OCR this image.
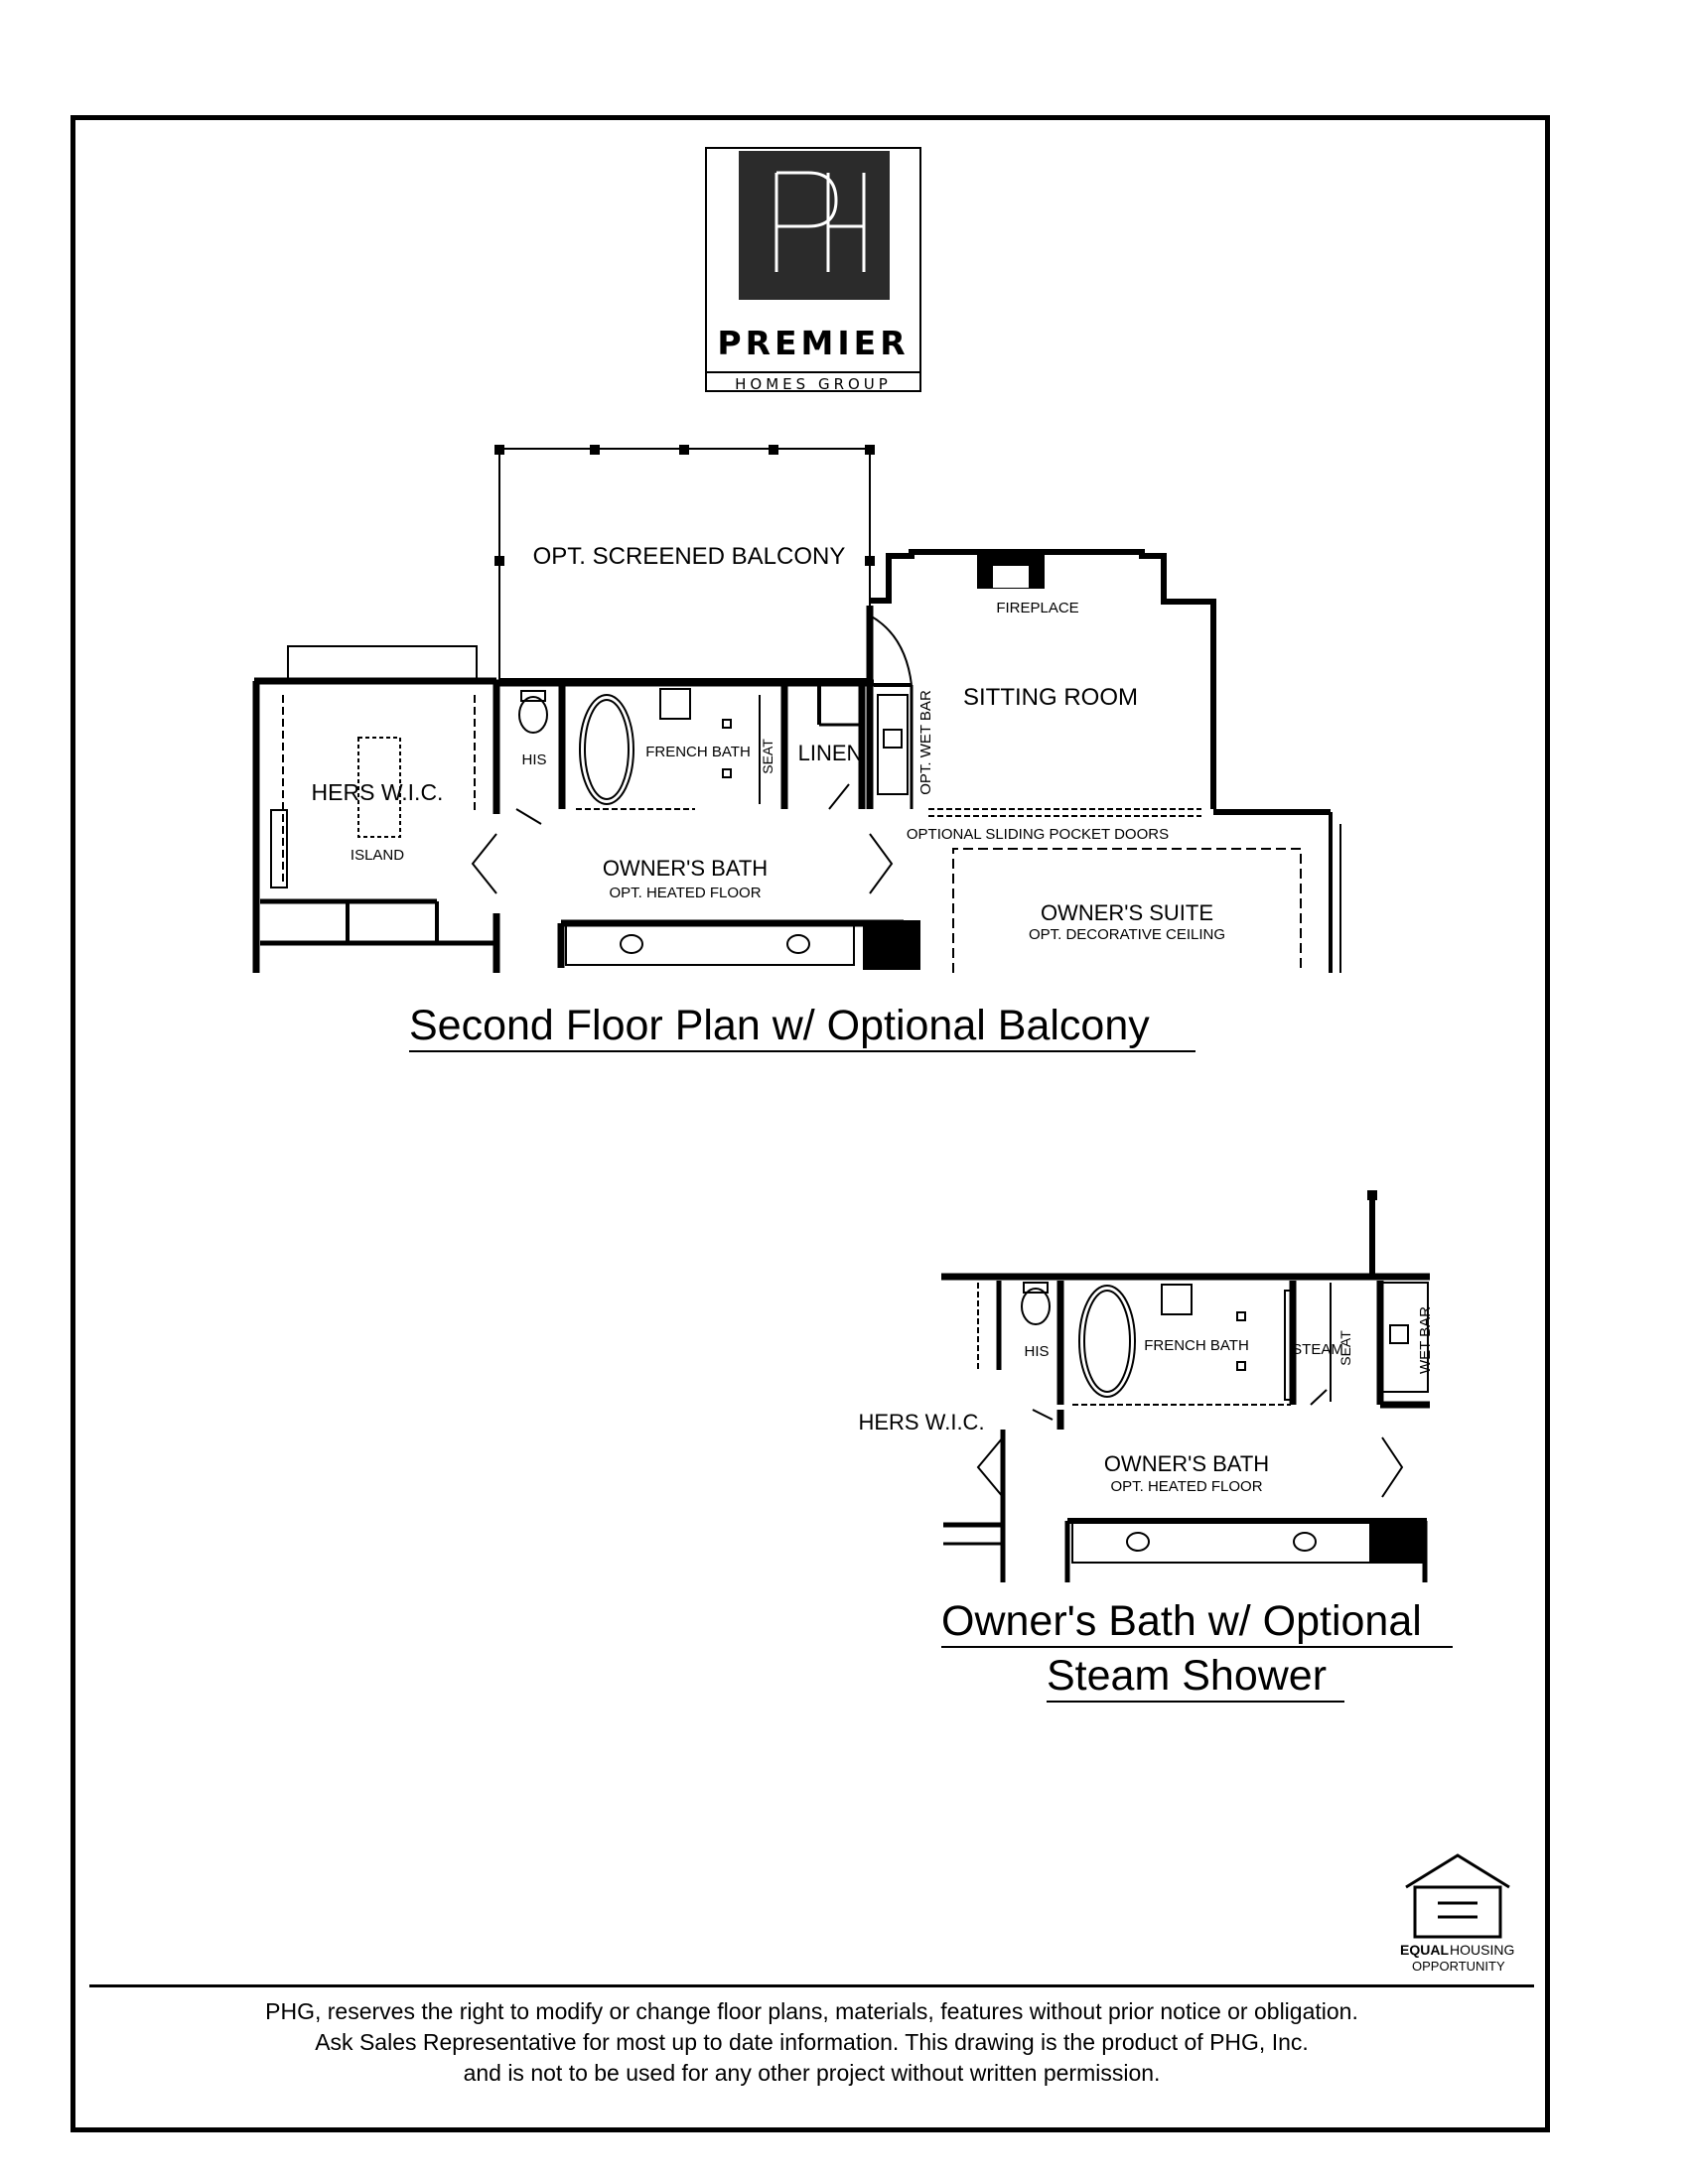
PREMIER
HOMES GROUP
OPT. SCREENED BALCONY
FIREPLACE
SITTING ROOM
HERS W.I.C.
ISLAND
HIS	FRENCH BATH SEAT LINEN	OPT. WET BAR
OPTIONAL SLIDING POCKET DOORS
OWNER'S BATH
OPT. HEATED FLOOR
OWNER'S SUITE
OPT. DECORATIVE CEILING
Second Floor Plan w/ Optional Balcony
HIS	FRENCH BATH	STEAM
SEAT	WET BAR
HERS W.I.C.
OWNER'S BATH
OPT. HEATED FLOOR
Owner's Bath w/ Optional
Steam Shower
EQUAL HOUSING
OPPORTUNITY
PHG, reserves the right to modify or change floor plans, materials, features without prior notice or obligation.
Ask Sales Representative for most up to date information. This drawing is the product of PHG, Inc.
and is not to be used for any other project without written permission.
